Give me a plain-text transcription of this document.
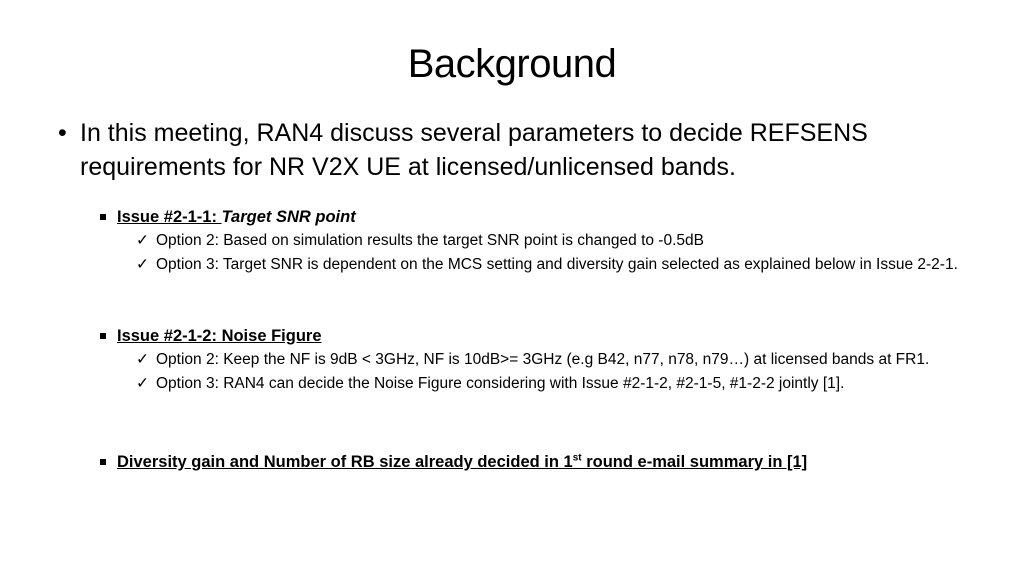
Background
• In this meeting, RAN4 discuss several parameters to decide REFSENS requirements for NR V2X UE at licensed/unlicensed bands.
Issue #2-1-1: Target SNR point
✓ Option 2: Based on simulation results the target SNR point is changed to -0.5dB
✓ Option 3: Target SNR is dependent on the MCS setting and diversity gain selected as explained below in Issue 2-2-1.
Issue #2-1-2: Noise Figure
✓ Option 2: Keep the NF is 9dB < 3GHz, NF is 10dB>= 3GHz (e.g B42, n77, n78, n79…) at licensed bands at FR1.
✓ Option 3: RAN4 can decide the Noise Figure considering with Issue #2-1-2, #2-1-5, #1-2-2 jointly [1].
Diversity gain and Number of RB size already decided in 1st round e-mail summary in [1]
